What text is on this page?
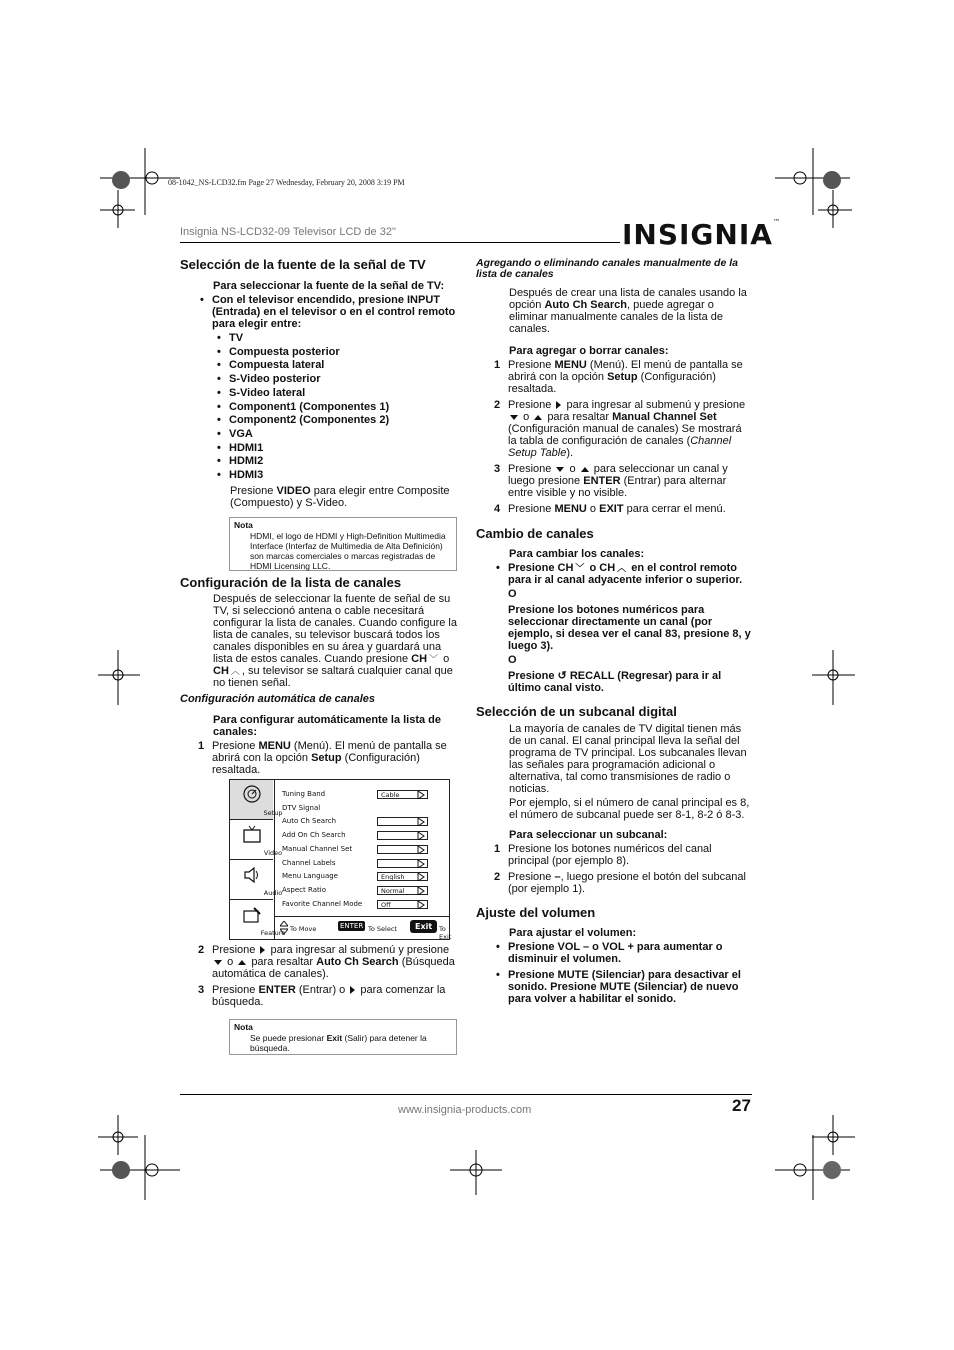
08-1042_NS-LCD32.fm Page 27 Wednesday, February 20, 2008 3:19 PM
Insignia NS-LCD32-09 Televisor LCD de 32"	INSIGNIA™
Selección de la fuente de la señal de TV

Para seleccionar la fuente de la señal de TV:

• Con el televisor encendido, presione INPUT (Entrada) en el televisor o en el control remoto para elegir entre:
• TV
• Compuesta posterior
• Compuesta lateral
• S-Video posterior
• S-Video lateral
• Component1 (Componentes 1)
• Component2 (Componentes 2)
• VGA
• HDMI1
• HDMI2
• HDMI3

Presione VIDEO para elegir entre Composite (Compuesto) y S-Video.

Nota
HDMI, el logo de HDMI y High-Definition Multimedia Interface (Interfaz de Multimedia de Alta Definición) son marcas comerciales o marcas registradas de HDMI Licensing LLC.
Configuración de la lista de canales

Después de seleccionar la fuente de señal de su TV, si seleccionó antena o cable necesitará configurar la lista de canales. Cuando configure la lista de canales, su televisor buscará todos los canales disponibles en su área y guardará una lista de estos canales. Cuando presione CH ﹀ o CH ︿ , su televisor se saltará cualquier canal que no tienen señal.

Configuración automática de canales

Para configurar automáticamente la lista de canales:

1 Presione MENU (Menú). El menú de pantalla se abrirá con la opción Setup (Configuración) resaltada.
Setup
Video
Audio
Feature
Tuning Band	Cable
DTV Signal
Auto Ch Search
Add On Ch Search
Manual Channel Set
Channel Labels
Menu Language	English
Aspect Ratio	Normal
Favorite Channel Mode	Off
To Move	ENTER To Select	Exit	To Exit
2 Presione para ingresar al submenú y presione  o para resaltar Auto Ch Search (Búsqueda automática de canales).
3 Presione ENTER (Entrar) o para comenzar la búsqueda.
Nota
Se puede presionar Exit (Salir) para detener la búsqueda.

Agregando o eliminando canales manualmente de la lista de canales

Después de crear una lista de canales usando la opción Auto Ch Search, puede agregar o eliminar manualmente canales de la lista de canales.

Para agregar o borrar canales:

1 Presione MENU (Menú). El menú de pantalla se abrirá con la opción Setup (Configuración) resaltada.
2 Presione para ingresar al submenú y presione  o para resaltar Manual Channel Set (Configuración manual de canales) Se mostrará la tabla de configuración de canales (Channel Setup Table).
3 Presione o para seleccionar un canal y luego presione ENTER (Entrar) para alternar entre visible y no visible.
4 Presione MENU o EXIT para cerrar el menú.
Cambio de canales

Para cambiar los canales:

• Presione CH ﹀ o CH ︿ en el control remoto para ir al canal adyacente inferior o superior.

O

Presione los botones numéricos para seleccionar directamente un canal (por ejemplo, si desea ver el canal 83, presione 8, y luego 3).

O

Presione ↺ RECALL (Regresar) para ir al último canal visto.

Selección de un subcanal digital

La mayoría de canales de TV digital tienen más de un canal. El canal principal lleva la señal del programa de TV principal. Los subcanales llevan las señales para programación adicional o alternativa, tal como transmisiones de radio o noticias.

Por ejemplo, si el número de canal principal es 8, el número de subcanal puede ser 8-1, 8-2 ó 8-3.

Para seleccionar un subcanal:

1 Presione los botones numéricos del canal principal (por ejemplo 8).
2 Presione –, luego presione el botón del subcanal (por ejemplo 1).
Ajuste del volumen

Para ajustar el volumen:

• Presione VOL – o VOL + para aumentar o disminuir el volumen.
• Presione MUTE (Silenciar) para desactivar el sonido. Presione MUTE (Silenciar) de nuevo para volver a habilitar el sonido.
www.insignia-products.com	27
